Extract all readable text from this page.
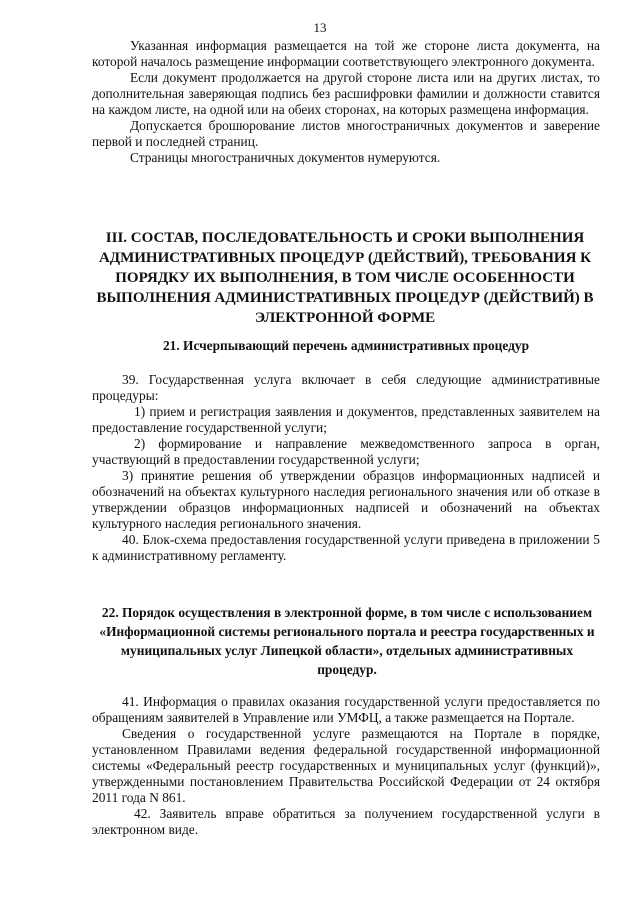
13

Указанная информация размещается на той же стороне листа документа, на которой началось размещение информации соответствующего электронного документа.

Если документ продолжается на другой стороне листа или на других листах, то дополнительная заверяющая подпись без расшифровки фамилии и должности ставится на каждом листе, на одной или на обеих сторонах, на которых размещена информация.

Допускается брошюрование листов многостраничных документов и заверение первой и последней страниц.

Страницы многостраничных документов нумеруются.

III. СОСТАВ, ПОСЛЕДОВАТЕЛЬНОСТЬ И СРОКИ ВЫПОЛНЕНИЯ АДМИНИСТРАТИВНЫХ ПРОЦЕДУР (ДЕЙСТВИЙ), ТРЕБОВАНИЯ К ПОРЯДКУ ИХ ВЫПОЛНЕНИЯ, В ТОМ ЧИСЛЕ ОСОБЕННОСТИ ВЫПОЛНЕНИЯ АДМИНИСТРАТИВНЫХ ПРОЦЕДУР (ДЕЙСТВИЙ) В ЭЛЕКТРОННОЙ ФОРМЕ
21. Исчерпывающий перечень административных процедур

39. Государственная услуга включает в себя следующие административные процедуры:

1) прием и регистрация заявления и документов, представленных заявителем на предоставление государственной услуги;

2) формирование и направление межведомственного запроса в орган, участвующий в предоставлении государственной услуги;

3) принятие решения об утверждении образцов информационных надписей и обозначений на объектах культурного наследия регионального значения или об отказе в утверждении образцов информационных надписей и обозначений на объектах культурного наследия регионального значения.

40. Блок-схема предоставления государственной услуги приведена в приложении 5 к административному регламенту.

22. Порядок осуществления в электронной форме, в том числе с использованием «Информационной системы регионального портала и реестра государственных и муниципальных услуг Липецкой области», отдельных административных процедур.

41. Информация о правилах оказания государственной услуги предоставляется по обращениям заявителей в Управление или УМФЦ, а также размещается на Портале.

Сведения о государственной услуге размещаются на Портале в порядке, установленном Правилами ведения федеральной государственной информационной системы «Федеральный реестр государственных и муниципальных услуг (функций)», утвержденными постановлением Правительства Российской Федерации от 24 октября 2011 года N 861.

42. Заявитель вправе обратиться за получением государственной услуги в электронном виде.
